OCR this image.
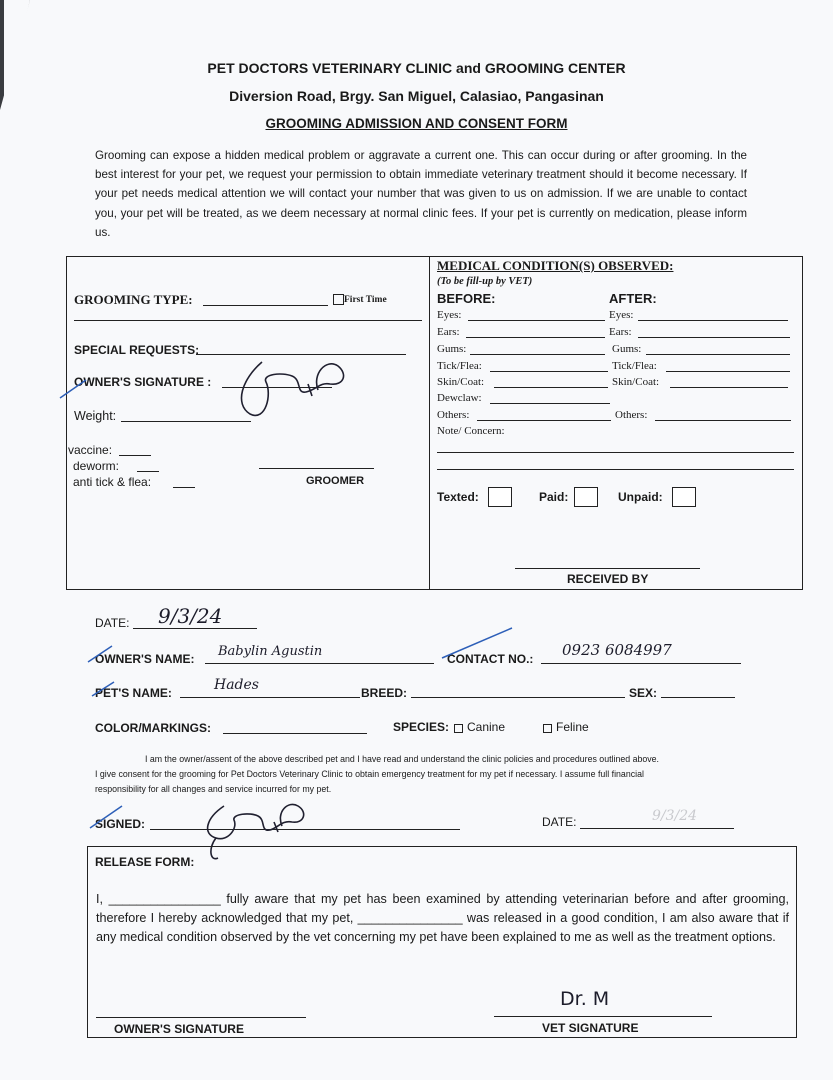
PET DOCTORS VETERINARY CLINIC and GROOMING CENTER
Diversion Road, Brgy. San Miguel, Calasiao, Pangasinan
GROOMING ADMISSION AND CONSENT FORM
Grooming can expose a hidden medical problem or aggravate a current one. This can occur during or after grooming. In the best interest for your pet, we request your permission to obtain immediate veterinary treatment should it become necessary. If your pet needs medical attention we will contact your number that was given to us on admission. If we are unable to contact you, your pet will be treated, as we deem necessary at normal clinic fees. If your pet is currently on medication, please inform us.
GROOMING TYPE:	First Time
SPECIAL REQUESTS:
OWNER'S SIGNATURE :
Weight:
vaccine:
deworm:
anti tick & flea:	GROOMER
MEDICAL CONDITION(S) OBSERVED:
(To be fill-up by VET)
BEFORE:	AFTER:
Eyes:	Eyes:
Ears:	Ears:
Gums:	Gums:
Tick/Flea:	Tick/Flea:
Skin/Coat:	Skin/Coat:
Dewclaw:
Others:	Others:
Note/ Concern:
Texted:	Paid:	Unpaid:
RECEIVED BY
DATE: 9/3/24
OWNER'S NAME: Babylin Agustin	CONTACT NO.: 0923 6084997
PET'S NAME:	Hades	BREED:	SEX:
COLOR/MARKINGS:	SPECIES: Canine	Feline
I am the owner/assent of the above described pet and I have read and understand the clinic policies and procedures outlined above.
I give consent for the grooming for Pet Doctors Veterinary Clinic to obtain emergency treatment for my pet if necessary. I assume full financial
responsibility for all changes and service incurred for my pet.
SIGNED:	DATE:	9/3/24
RELEASE FORM:
I, ________________ fully aware that my pet has been examined by attending veterinarian before and after grooming, therefore I hereby acknowledged that my pet, _______________ was released in a good condition, I am also aware that if any medical condition observed by the vet concerning my pet have been explained to me as well as the treatment options.
OWNER'S SIGNATURE
Dr. M
VET SIGNATURE
